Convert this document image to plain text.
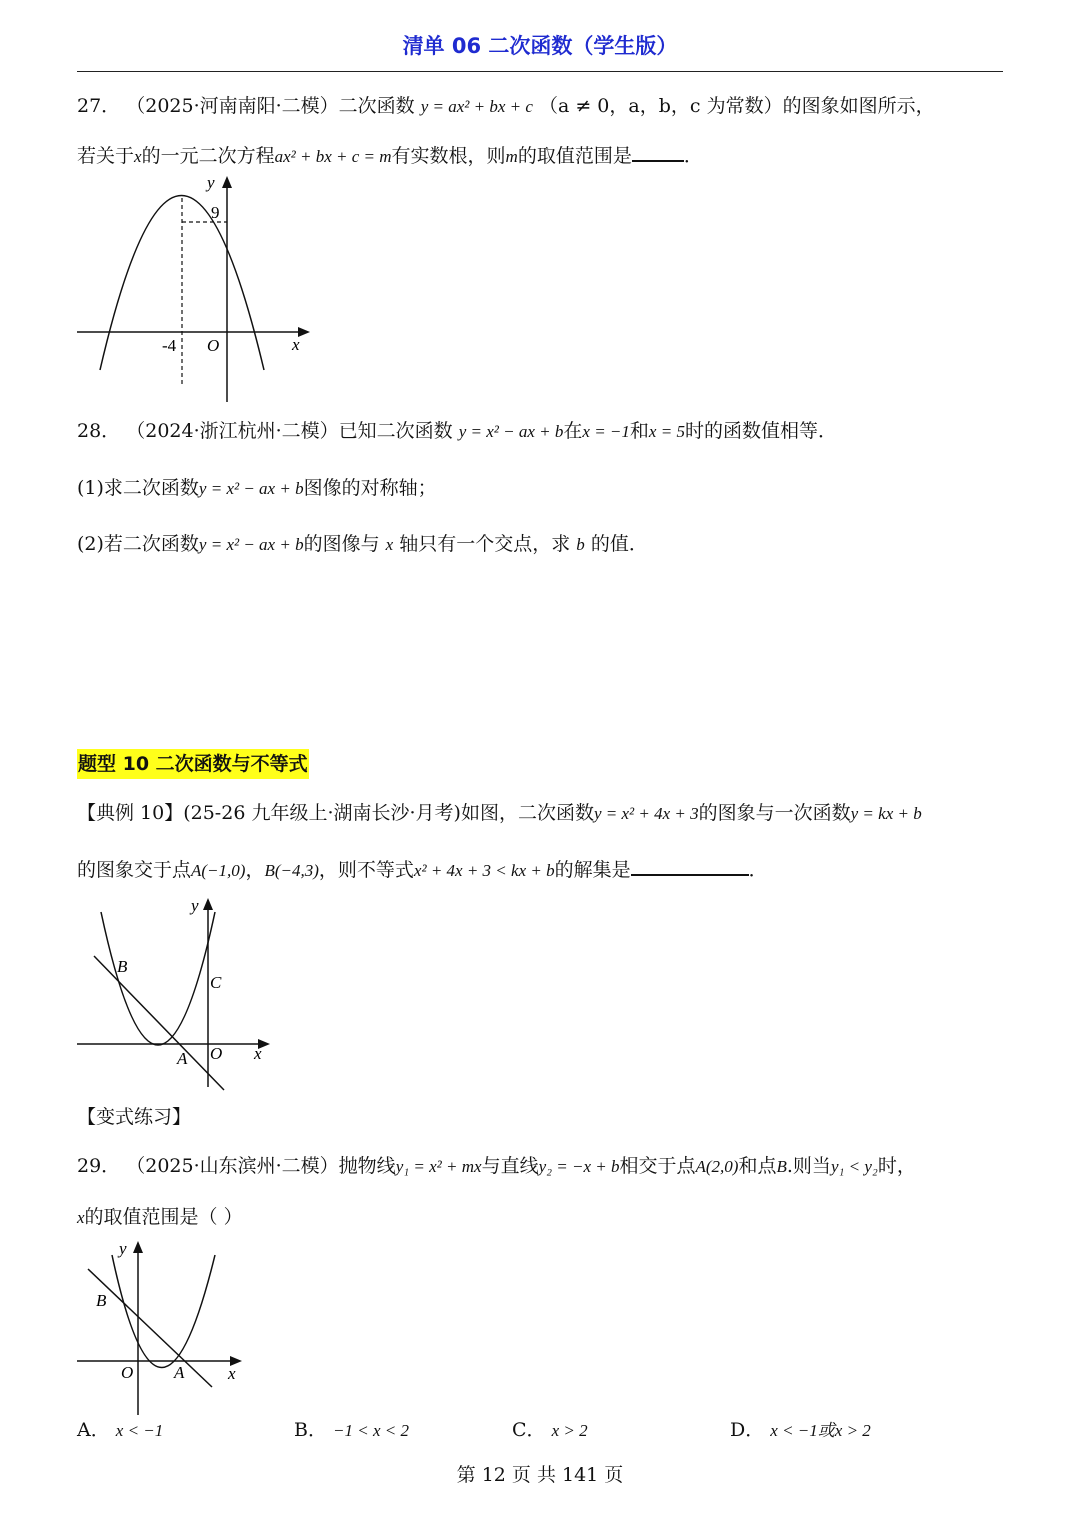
清单 06 二次函数（学生版）
27． （2025·河南南阳·二模）二次函数 y = ax² + bx + c （a ≠ 0，a，b，c 为常数）的图象如图所示，
若关于x的一元二次方程ax² + bx + c = m有实数根，则m的取值范围是	．
y
x
O
9
-4
28． （2024·浙江杭州·二模）已知二次函数 y = x² − ax + b在x = −1和x = 5时的函数值相等．
(1)求二次函数y = x² − ax + b图像的对称轴；
(2)若二次函数y = x² − ax + b的图像与 x 轴只有一个交点，求 b 的值．
题型 10 二次函数与不等式
【典例 10】(25-26 九年级上·湖南长沙·月考)如图，二次函数y = x² + 4x + 3的图象与一次函数y = kx + b
的图象交于点A(−1,0)，B(−4,3)，则不等式x² + 4x + 3 < kx + b的解集是	．
y
x
O
A
B
C
【变式练习】
29． （2025·山东滨州·二模）抛物线y₁ = x² + mx与直线y₂ = −x + b相交于点A(2,0)和点B.则当y₁ < y₂时，
x的取值范围是（ ）
y
x
O A
B
A． x < −1	B． −1 < x < 2	C． x > 2	D． x < −1或x > 2
第 12 页 共 141 页
